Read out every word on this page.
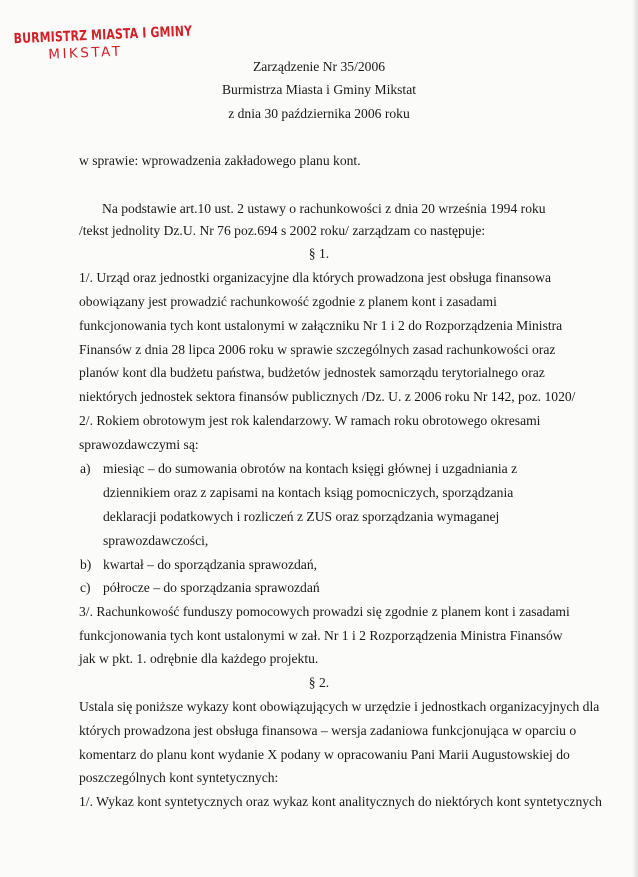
BURMISTRZ MIASTA I GMINY
MIKSTAT
Zarządzenie Nr 35/2006
Burmistrza Miasta i Gminy Mikstat
z dnia 30 października 2006 roku
w sprawie: wprowadzenia zakładowego planu kont.
Na podstawie art.10 ust. 2 ustawy o rachunkowości z dnia 20 września 1994 roku
/tekst jednolity Dz.U. Nr 76 poz.694 s 2002 roku/ zarządzam co następuje:
§ 1.
1/. Urząd oraz jednostki organizacyjne dla których prowadzona jest obsługa finansowa
obowiązany jest prowadzić rachunkowość zgodnie z planem kont i zasadami
funkcjonowania tych kont ustalonymi w załączniku Nr 1 i 2 do Rozporządzenia Ministra
Finansów z dnia 28 lipca 2006 roku w sprawie szczególnych zasad rachunkowości oraz
planów kont dla budżetu państwa, budżetów jednostek samorządu terytorialnego oraz
niektórych jednostek sektora finansów publicznych /Dz. U. z 2006 roku Nr 142, poz. 1020/
2/. Rokiem obrotowym jest rok kalendarzowy. W ramach roku obrotowego okresami
sprawozdawczymi są:
a) miesiąc – do sumowania obrotów na kontach księgi głównej i uzgadniania z
dziennikiem oraz z zapisami na kontach ksiąg pomocniczych, sporządzania
deklaracji podatkowych i rozliczeń z ZUS oraz sporządzania wymaganej
sprawozdawczości,
b) kwartał – do sporządzania sprawozdań,
c) półrocze – do sporządzania sprawozdań
3/. Rachunkowość funduszy pomocowych prowadzi się zgodnie z planem kont i zasadami
funkcjonowania tych kont ustalonymi w zał. Nr 1 i 2 Rozporządzenia Ministra Finansów
jak w pkt. 1. odrębnie dla każdego projektu.
§ 2.
Ustala się poniższe wykazy kont obowiązujących w urzędzie i jednostkach organizacyjnych dla
których prowadzona jest obsługa finansowa – wersja zadaniowa funkcjonująca w oparciu o
komentarz do planu kont wydanie X podany w opracowaniu Pani Marii Augustowskiej do
poszczególnych kont syntetycznych:
1/. Wykaz kont syntetycznych oraz wykaz kont analitycznych do niektórych kont syntetycznych
